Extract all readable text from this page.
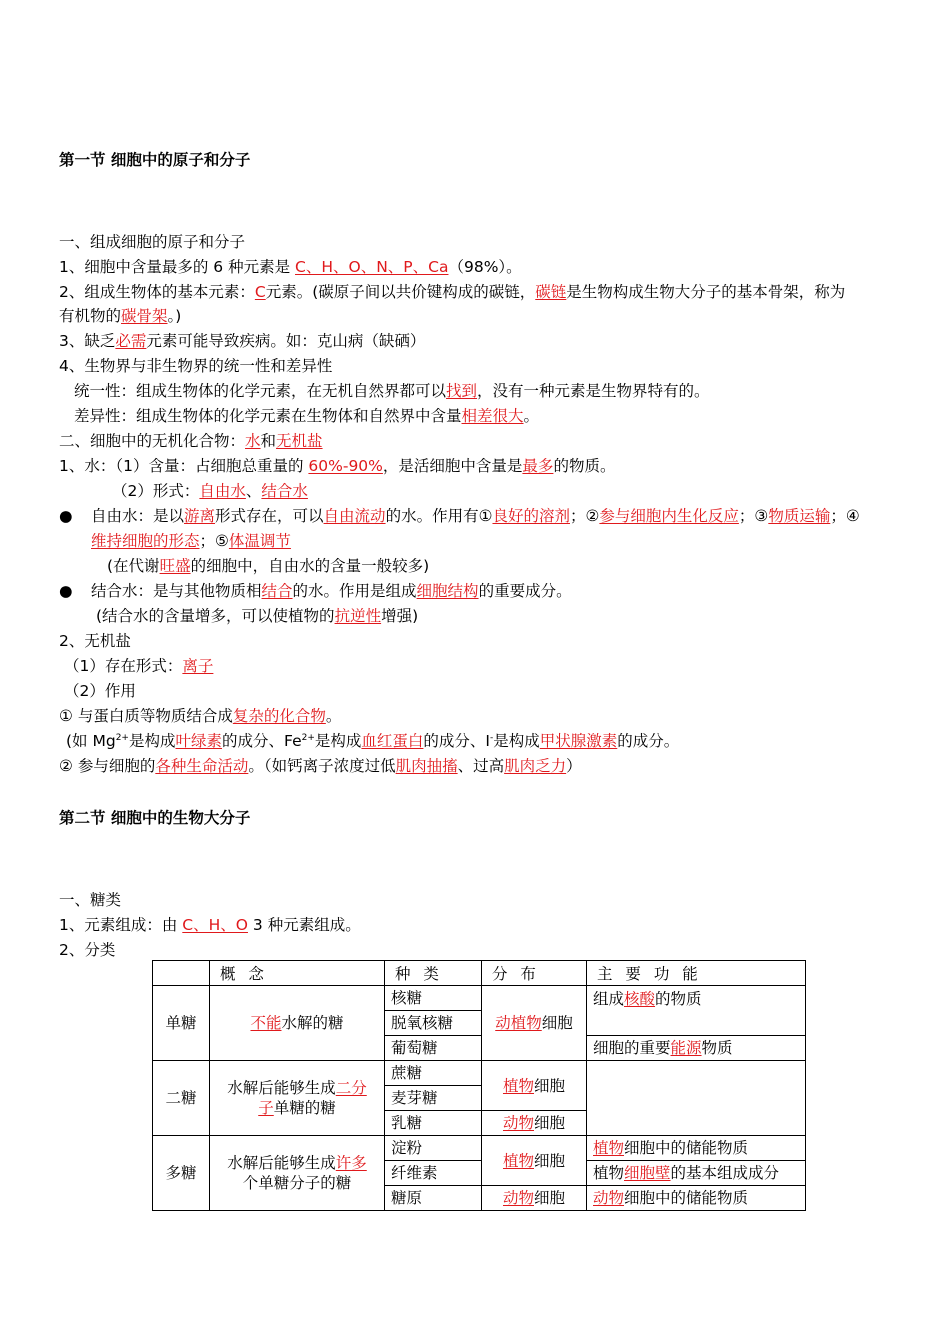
第一节 细胞中的原子和分子
一、组成细胞的原子和分子
1、细胞中含量最多的 6 种元素是 C、H、O、N、P、Ca（98%）。
2、组成生物体的基本元素：C元素。(碳原子间以共价键构成的碳链，碳链是生物构成生物大分子的基本骨架，称为
有机物的碳骨架。)
3、缺乏必需元素可能导致疾病。如：克山病（缺硒）
4、生物界与非生物界的统一性和差异性
统一性：组成生物体的化学元素，在无机自然界都可以找到，没有一种元素是生物界特有的。
差异性：组成生物体的化学元素在生物体和自然界中含量相差很大。
二、细胞中的无机化合物：水和无机盐
1、水：（1）含量：占细胞总重量的 60%-90%，是活细胞中含量是最多的物质。
（2）形式：自由水、结合水
● 自由水：是以游离形式存在，可以自由流动的水。作用有①良好的溶剂；②参与细胞内生化反应；③物质运输；④
维持细胞的形态；⑤体温调节
(在代谢旺盛的细胞中，自由水的含量一般较多)
● 结合水：是与其他物质相结合的水。作用是组成细胞结构的重要成分。
(结合水的含量增多，可以使植物的抗逆性增强)
2、无机盐
（1）存在形式：离子
（2）作用
① 与蛋白质等物质结合成复杂的化合物。
(如 $Mg^{2+}$是构成叶绿素的成分、$Fe^{2+}$是构成血红蛋白的成分、I-是构成甲状腺激素的成分。
② 参与细胞的各种生命活动。（如钙离子浓度过低肌肉抽搐、过高肌肉乏力）
第二节 细胞中的生物大分子
一、糖类
1、元素组成：由 C、H、O 3 种元素组成。
2、分类
	概 念	种 类	分 布	主 要 功 能
单糖	不能水解的糖	核糖	动植物细胞	组成核酸的物质
		脱氧核糖		
		葡萄糖		细胞的重要能源物质
二糖	水解后能够生成二分
子单糖的糖	蔗糖	植物细胞	
		麦芽糖		
		乳糖	动物细胞	
多糖	水解后能够生成许多
个单糖分子的糖	淀粉	植物细胞	植物细胞中的储能物质
		纤维素		植物细胞壁的基本组成成分
		糖原	动物细胞	动物细胞中的储能物质
